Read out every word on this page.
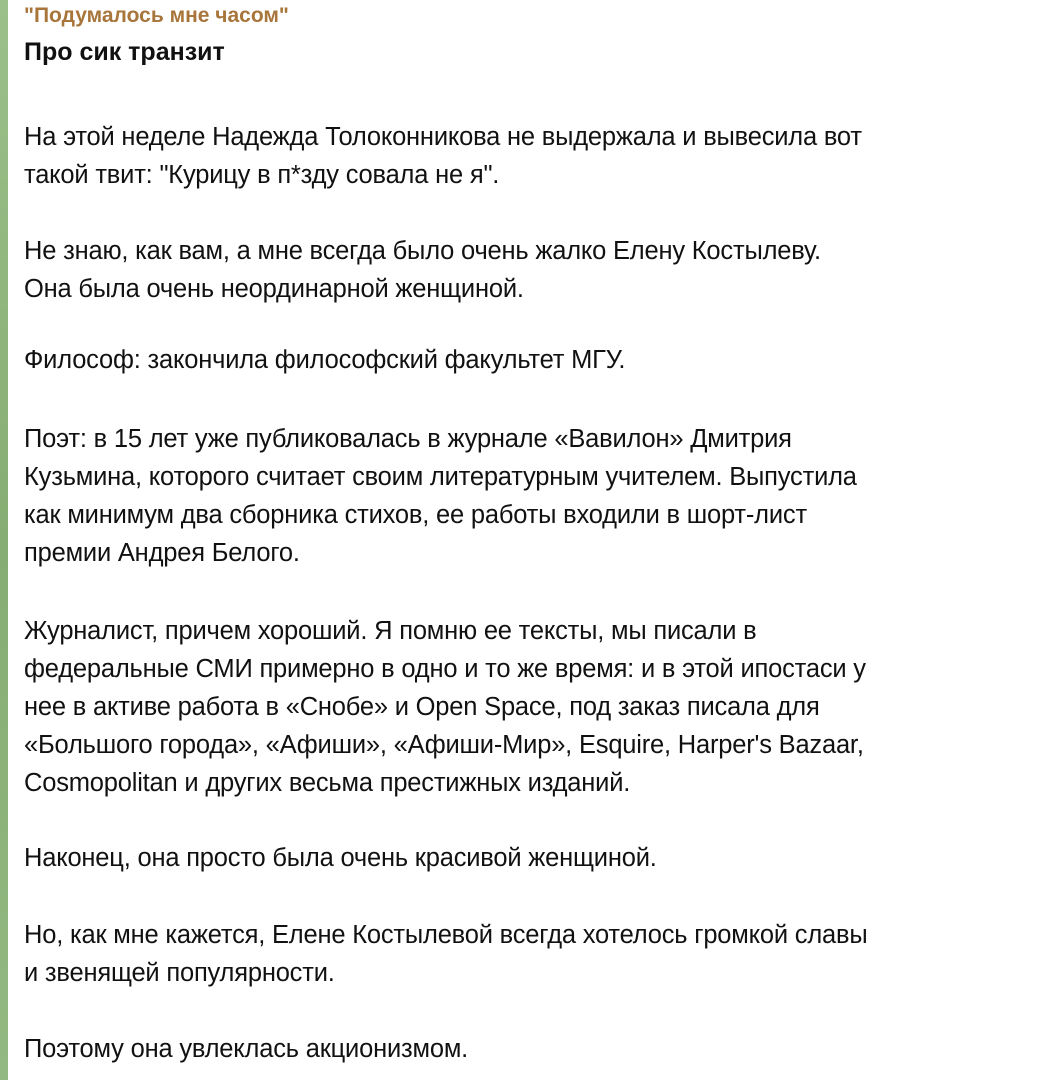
"Подумалось мне часом"
Про сик транзит

На этой неделе Надежда Толоконникова не выдержала и вывесила вот
такой твит: "Курицу в п*зду совала не я".

Не знаю, как вам, а мне всегда было очень жалко Елену Костылеву.
Она была очень неординарной женщиной.

Философ: закончила философский факультет МГУ.

Поэт: в 15 лет уже публиковалась в журнале «Вавилон» Дмитрия
Кузьмина, которого считает своим литературным учителем. Выпустила
как минимум два сборника стихов, ее работы входили в шорт-лист
премии Андрея Белого.

Журналист, причем хороший. Я помню ее тексты, мы писали в
федеральные СМИ примерно в одно и то же время: и в этой ипостаси у
нее в активе работа в «Снобе» и Open Space, под заказ писала для
«Большого города», «Афиши», «Афиши-Мир», Esquire, Harper's Bazaar,
Cosmopolitan и других весьма престижных изданий.

Наконец, она просто была очень красивой женщиной.

Но, как мне кажется, Елене Костылевой всегда хотелось громкой славы
и звенящей популярности.

Поэтому она увлеклась акционизмом.
